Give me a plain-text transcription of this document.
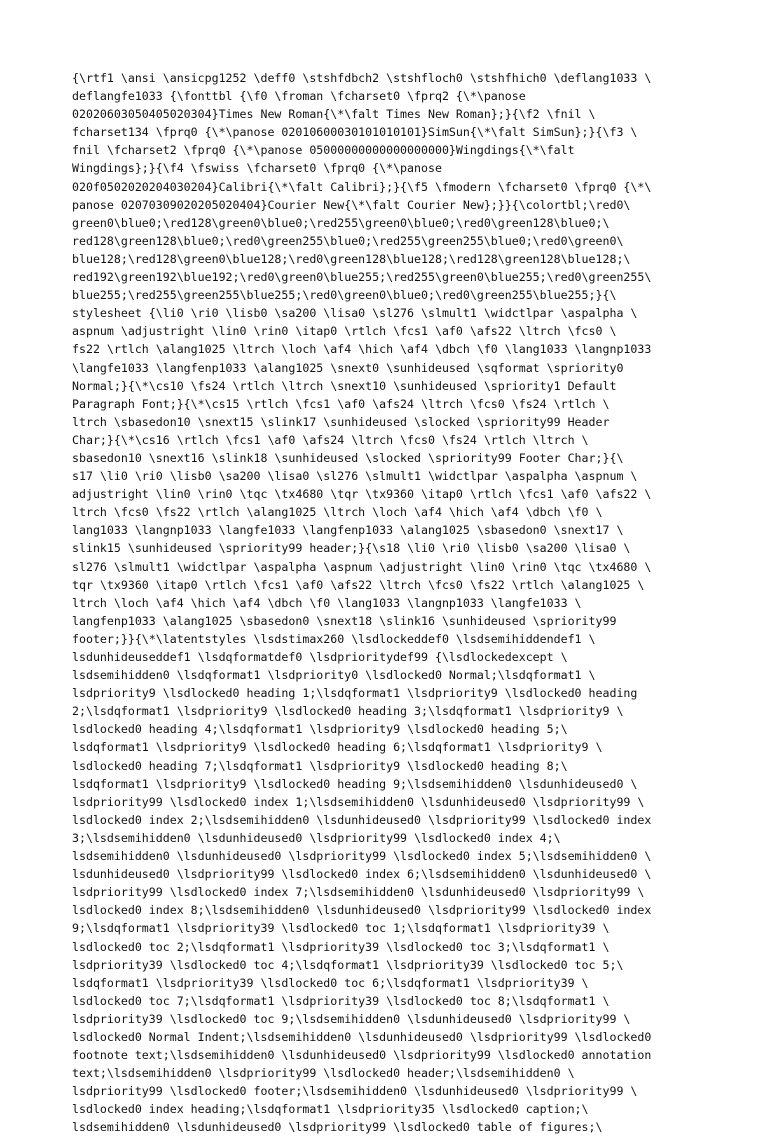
{\rtf1 \ansi \ansicpg1252 \deff0 \stshfdbch2 \stshfloch0 \stshfhich0 \deflang1033 \
deflangfe1033 {\fonttbl {\f0 \froman \fcharset0 \fprq2 {\*\panose
02020603050405020304}Times New Roman{\*\falt Times New Roman};}{\f2 \fnil \
fcharset134 \fprq0 {\*\panose 02010600030101010101}SimSun{\*\falt SimSun};}{\f3 \
fnil \fcharset2 \fprq0 {\*\panose 05000000000000000000}Wingdings{\*\falt
Wingdings};}{\f4 \fswiss \fcharset0 \fprq0 {\*\panose
020f0502020204030204}Calibri{\*\falt Calibri};}{\f5 \fmodern \fcharset0 \fprq0 {\*\
panose 02070309020205020404}Courier New{\*\falt Courier New};}}{\colortbl;\red0\
green0\blue0;\red128\green0\blue0;\red255\green0\blue0;\red0\green128\blue0;\
red128\green128\blue0;\red0\green255\blue0;\red255\green255\blue0;\red0\green0\
blue128;\red128\green0\blue128;\red0\green128\blue128;\red128\green128\blue128;\
red192\green192\blue192;\red0\green0\blue255;\red255\green0\blue255;\red0\green255\
blue255;\red255\green255\blue255;\red0\green0\blue0;\red0\green255\blue255;}{\
stylesheet {\li0 \ri0 \lisb0 \sa200 \lisa0 \sl276 \slmult1 \widctlpar \aspalpha \
aspnum \adjustright \lin0 \rin0 \itap0 \rtlch \fcs1 \af0 \afs22 \ltrch \fcs0 \
fs22 \rtlch \alang1025 \ltrch \loch \af4 \hich \af4 \dbch \f0 \lang1033 \langnp1033
\langfe1033 \langfenp1033 \alang1025 \snext0 \sunhideused \sqformat \spriority0
Normal;}{\*\cs10 \fs24 \rtlch \ltrch \snext10 \sunhideused \spriority1 Default
Paragraph Font;}{\*\cs15 \rtlch \fcs1 \af0 \afs24 \ltrch \fcs0 \fs24 \rtlch \
ltrch \sbasedon10 \snext15 \slink17 \sunhideused \slocked \spriority99 Header
Char;}{\*\cs16 \rtlch \fcs1 \af0 \afs24 \ltrch \fcs0 \fs24 \rtlch \ltrch \
sbasedon10 \snext16 \slink18 \sunhideused \slocked \spriority99 Footer Char;}{\
s17 \li0 \ri0 \lisb0 \sa200 \lisa0 \sl276 \slmult1 \widctlpar \aspalpha \aspnum \
adjustright \lin0 \rin0 \tqc \tx4680 \tqr \tx9360 \itap0 \rtlch \fcs1 \af0 \afs22 \
ltrch \fcs0 \fs22 \rtlch \alang1025 \ltrch \loch \af4 \hich \af4 \dbch \f0 \
lang1033 \langnp1033 \langfe1033 \langfenp1033 \alang1025 \sbasedon0 \snext17 \
slink15 \sunhideused \spriority99 header;}{\s18 \li0 \ri0 \lisb0 \sa200 \lisa0 \
sl276 \slmult1 \widctlpar \aspalpha \aspnum \adjustright \lin0 \rin0 \tqc \tx4680 \
tqr \tx9360 \itap0 \rtlch \fcs1 \af0 \afs22 \ltrch \fcs0 \fs22 \rtlch \alang1025 \
ltrch \loch \af4 \hich \af4 \dbch \f0 \lang1033 \langnp1033 \langfe1033 \
langfenp1033 \alang1025 \sbasedon0 \snext18 \slink16 \sunhideused \spriority99
footer;}}{\*\latentstyles \lsdstimax260 \lsdlockeddef0 \lsdsemihiddendef1 \
lsdunhideuseddef1 \lsdqformatdef0 \lsdprioritydef99 {\lsdlockedexcept \
lsdsemihidden0 \lsdqformat1 \lsdpriority0 \lsdlocked0 Normal;\lsdqformat1 \
lsdpriority9 \lsdlocked0 heading 1;\lsdqformat1 \lsdpriority9 \lsdlocked0 heading
2;\lsdqformat1 \lsdpriority9 \lsdlocked0 heading 3;\lsdqformat1 \lsdpriority9 \
lsdlocked0 heading 4;\lsdqformat1 \lsdpriority9 \lsdlocked0 heading 5;\
lsdqformat1 \lsdpriority9 \lsdlocked0 heading 6;\lsdqformat1 \lsdpriority9 \
lsdlocked0 heading 7;\lsdqformat1 \lsdpriority9 \lsdlocked0 heading 8;\
lsdqformat1 \lsdpriority9 \lsdlocked0 heading 9;\lsdsemihidden0 \lsdunhideused0 \
lsdpriority99 \lsdlocked0 index 1;\lsdsemihidden0 \lsdunhideused0 \lsdpriority99 \
lsdlocked0 index 2;\lsdsemihidden0 \lsdunhideused0 \lsdpriority99 \lsdlocked0 index
3;\lsdsemihidden0 \lsdunhideused0 \lsdpriority99 \lsdlocked0 index 4;\
lsdsemihidden0 \lsdunhideused0 \lsdpriority99 \lsdlocked0 index 5;\lsdsemihidden0 \
lsdunhideused0 \lsdpriority99 \lsdlocked0 index 6;\lsdsemihidden0 \lsdunhideused0 \
lsdpriority99 \lsdlocked0 index 7;\lsdsemihidden0 \lsdunhideused0 \lsdpriority99 \
lsdlocked0 index 8;\lsdsemihidden0 \lsdunhideused0 \lsdpriority99 \lsdlocked0 index
9;\lsdqformat1 \lsdpriority39 \lsdlocked0 toc 1;\lsdqformat1 \lsdpriority39 \
lsdlocked0 toc 2;\lsdqformat1 \lsdpriority39 \lsdlocked0 toc 3;\lsdqformat1 \
lsdpriority39 \lsdlocked0 toc 4;\lsdqformat1 \lsdpriority39 \lsdlocked0 toc 5;\
lsdqformat1 \lsdpriority39 \lsdlocked0 toc 6;\lsdqformat1 \lsdpriority39 \
lsdlocked0 toc 7;\lsdqformat1 \lsdpriority39 \lsdlocked0 toc 8;\lsdqformat1 \
lsdpriority39 \lsdlocked0 toc 9;\lsdsemihidden0 \lsdunhideused0 \lsdpriority99 \
lsdlocked0 Normal Indent;\lsdsemihidden0 \lsdunhideused0 \lsdpriority99 \lsdlocked0
footnote text;\lsdsemihidden0 \lsdunhideused0 \lsdpriority99 \lsdlocked0 annotation
text;\lsdsemihidden0 \lsdpriority99 \lsdlocked0 header;\lsdsemihidden0 \
lsdpriority99 \lsdlocked0 footer;\lsdsemihidden0 \lsdunhideused0 \lsdpriority99 \
lsdlocked0 index heading;\lsdqformat1 \lsdpriority35 \lsdlocked0 caption;\
lsdsemihidden0 \lsdunhideused0 \lsdpriority99 \lsdlocked0 table of figures;\
